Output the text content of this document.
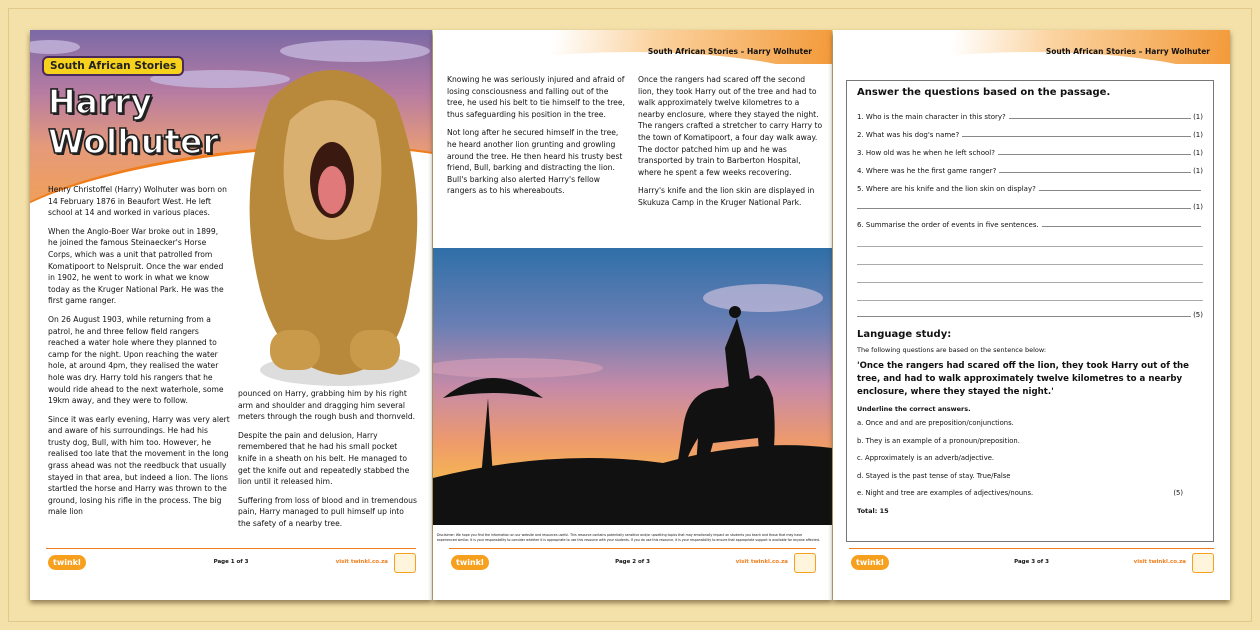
South African Stories
Harry
Wolhuter

Henry Christoffel (Harry) Wolhuter was born on 14 February 1876 in Beaufort West. He left school at 14 and worked in various places.

When the Anglo-Boer War broke out in 1899, he joined the famous Steinaecker's Horse Corps, which was a unit that patrolled from Komatipoort to Nelspruit. Once the war ended in 1902, he went to work in what we know today as the Kruger National Park. He was the first game ranger.

On 26 August 1903, while returning from a patrol, he and three fellow field rangers reached a water hole where they planned to camp for the night. Upon reaching the water hole, at around 4pm, they realised the water hole was dry. Harry told his rangers that he would ride ahead to the next waterhole, some 19km away, and they were to follow.

Since it was early evening, Harry was very alert and aware of his surroundings. He had his trusty dog, Bull, with him too. However, he realised too late that the movement in the long grass ahead was not the reedbuck that usually stayed in that area, but indeed a lion. The lions startled the horse and Harry was thrown to the ground, losing his rifle in the process. The big male lion

pounced on Harry, grabbing him by his right arm and shoulder and dragging him several meters through the rough bush and thornveld.

Despite the pain and delusion, Harry remembered that he had his small pocket knife in a sheath on his belt. He managed to get the knife out and repeatedly stabbed the lion until it released him.

Suffering from loss of blood and in tremendous pain, Harry managed to pull himself up into the safety of a nearby tree.

twinkl	Page 1 of 3	visit twinkl.co.za
South African Stories – Harry Wolhuter

Knowing he was seriously injured and afraid of losing consciousness and falling out of the tree, he used his belt to tie himself to the tree, thus safeguarding his position in the tree.

Not long after he secured himself in the tree, he heard another lion grunting and growling around the tree. He then heard his trusty best friend, Bull, barking and distracting the lion. Bull's barking also alerted Harry's fellow rangers as to his whereabouts.

Once the rangers had scared off the second lion, they took Harry out of the tree and had to walk approximately twelve kilometres to a nearby enclosure, where they stayed the night. The rangers crafted a stretcher to carry Harry to the town of Komatipoort, a four day walk away. The doctor patched him up and he was transported by train to Barberton Hospital, where he spent a few weeks recovering.

Harry's knife and the lion skin are displayed in Skukuza Camp in the Kruger National Park.

Disclaimer: We hope you find the information on our website and resources useful. This resource contains potentially sensitive and/or upsetting topics that may emotionally impact on students you teach and those that may have experienced similar. It is your responsibility to consider whether it is appropriate to use this resource with your students. If you do use this resource, it is your responsibility to ensure that appropriate support is available for anyone affected.
twinkl	Page 2 of 3	visit twinkl.co.za
South African Stories – Harry Wolhuter
Answer the questions based on the passage.
1. Who is the main character in this story?	(1)
2. What was his dog's name?	(1)
3. How old was he when he left school?	(1)
4. Where was he the first game ranger?	(1)
5. Where are his knife and the lion skin on display?
(1)
6. Summarise the order of events in five sentences.
(5)
Language study:
The following questions are based on the sentence below:
'Once the rangers had scared off the lion, they took Harry out of the tree, and had to walk approximately twelve kilometres to a nearby enclosure, where they stayed the night.'
Underline the correct answers.
a. Once and and are preposition/conjunctions.
b. They is an example of a pronoun/preposition.
c. Approximately is an adverb/adjective.
d. Stayed is the past tense of stay. True/False
e. Night and tree are examples of adjectives/nouns.	(5)
Total: 15
twinkl	Page 3 of 3	visit twinkl.co.za
